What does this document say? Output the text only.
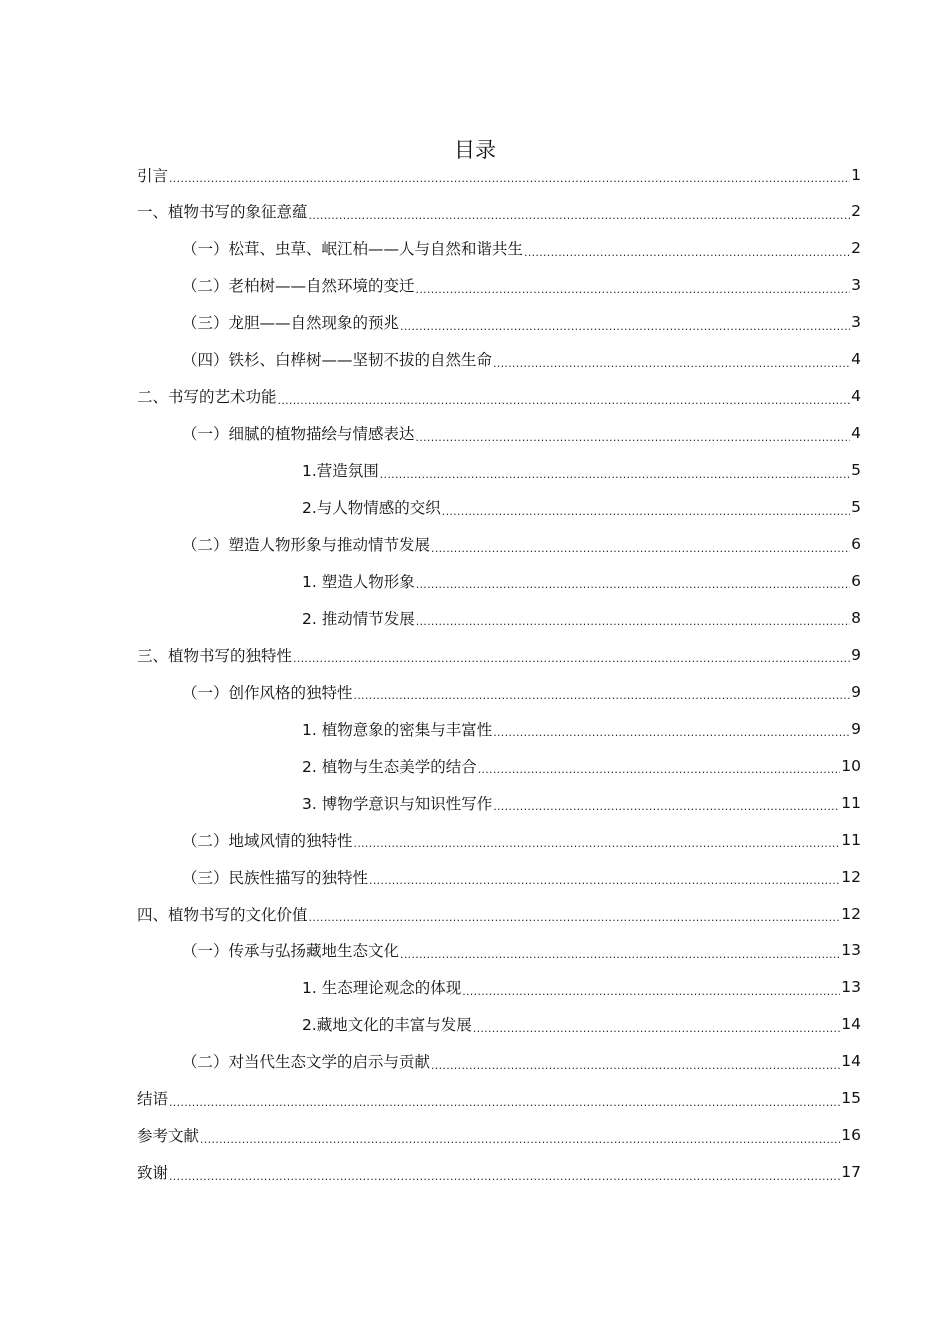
目录
引言 .....	1
一、 植物书写的象征意蕴 .....	2
（一） 松茸、虫草、岷江柏——人与自然和谐共生 .....	2
（二） 老柏树——自然环境的变迁 .....	3
（三） 龙胆——自然现象的预兆 .....	3
（四） 铁杉、白桦树——坚韧不拔的自然生命 .....	4
二、 书写的艺术功能 .....	4
（一）细腻的植物描绘与情感表达 .....	4
1.营造氛围 .....	5
2.与人物情感的交织 .....	5
（二） 塑造人物形象与推动情节发展 .....	6
1. 塑造人物形象 .....	6
2. 推动情节发展 .....	8
三、 植物书写的独特性 .....	9
（一） 创作风格的独特性 .....	9
1. 植物意象的密集与丰富性 .....	9
2. 植物与生态美学的结合 .....	10
3. 博物学意识与知识性写作 .....	11
（二） 地域风情的独特性 .....	11
（三） 民族性描写的独特性 .....	12
四、 植物书写的文化价值 .....	12
（一） 传承与弘扬藏地生态文化 .....	13
1. 生态理论观念的体现 .....	13
2.藏地文化的丰富与发展 .....	14
（二）对当代生态文学的启示与贡献 .....	14
结语 .....	15
参考文献 .....	16
致谢 .....	17
